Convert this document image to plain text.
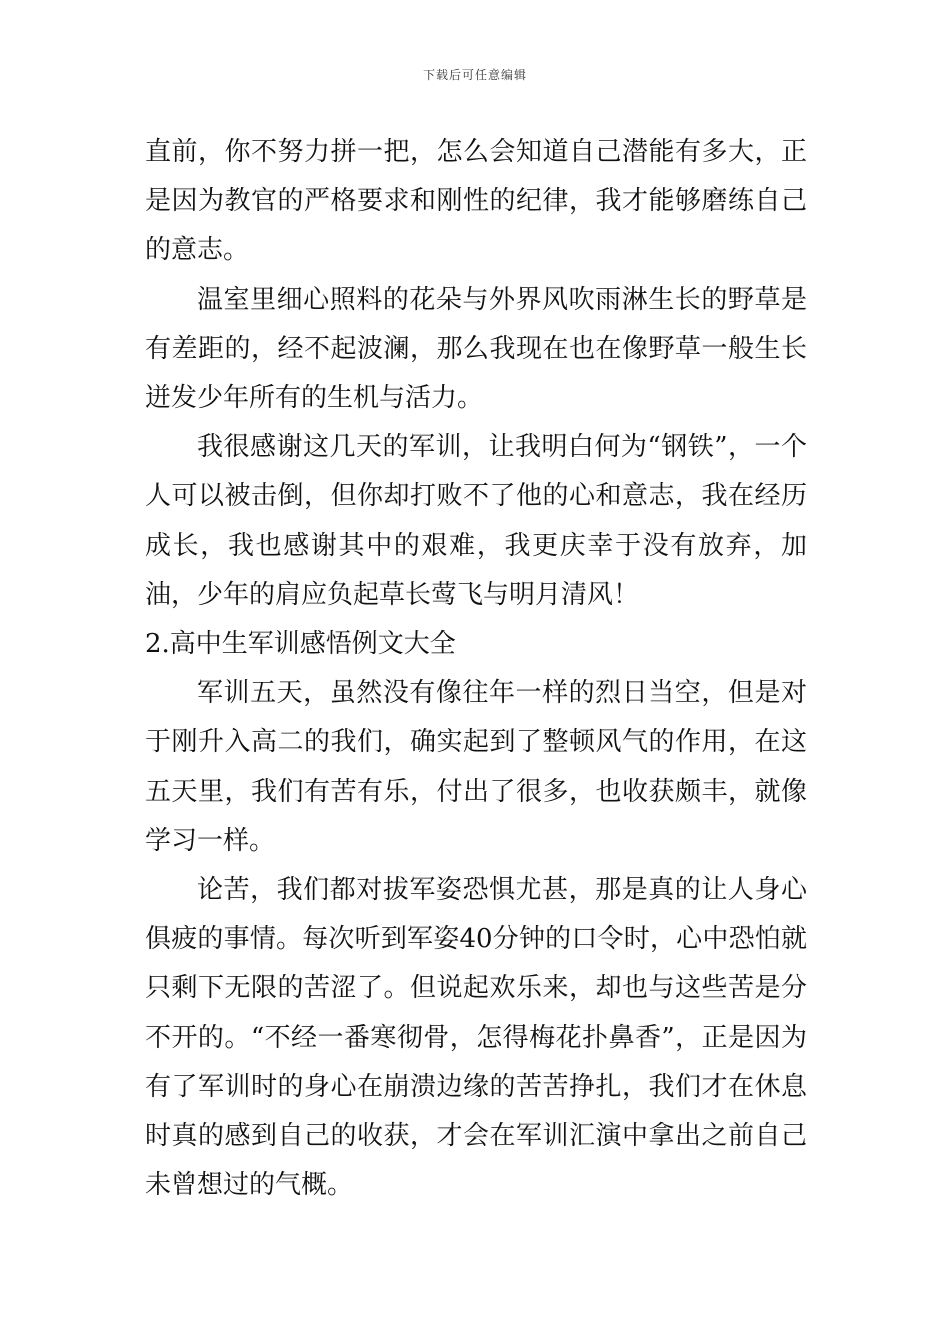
下载后可任意编辑

直前，你不努力拼一把，怎么会知道自己潜能有多大，正是因为教官的严格要求和刚性的纪律，我才能够磨练自己的意志。

温室里细心照料的花朵与外界风吹雨淋生长的野草是有差距的，经不起波澜，那么我现在也在像野草一般生长迸发少年所有的生机与活力。

我很感谢这几天的军训，让我明白何为“钢铁”，一个人可以被击倒，但你却打败不了他的心和意志，我在经历成长，我也感谢其中的艰难，我更庆幸于没有放弃，加油，少年的肩应负起草长莺飞与明月清风！

2.高中生军训感悟例文大全

军训五天，虽然没有像往年一样的烈日当空，但是对于刚升入高二的我们，确实起到了整顿风气的作用，在这五天里，我们有苦有乐，付出了很多，也收获颇丰，就像学习一样。

论苦，我们都对拔军姿恐惧尤甚，那是真的让人身心俱疲的事情。每次听到军姿40分钟的口令时，心中恐怕就只剩下无限的苦涩了。但说起欢乐来，却也与这些苦是分不开的。“不经一番寒彻骨，怎得梅花扑鼻香”，正是因为有了军训时的身心在崩溃边缘的苦苦挣扎，我们才在休息时真的感到自己的收获，才会在军训汇演中拿出之前自己未曾想过的气概。
